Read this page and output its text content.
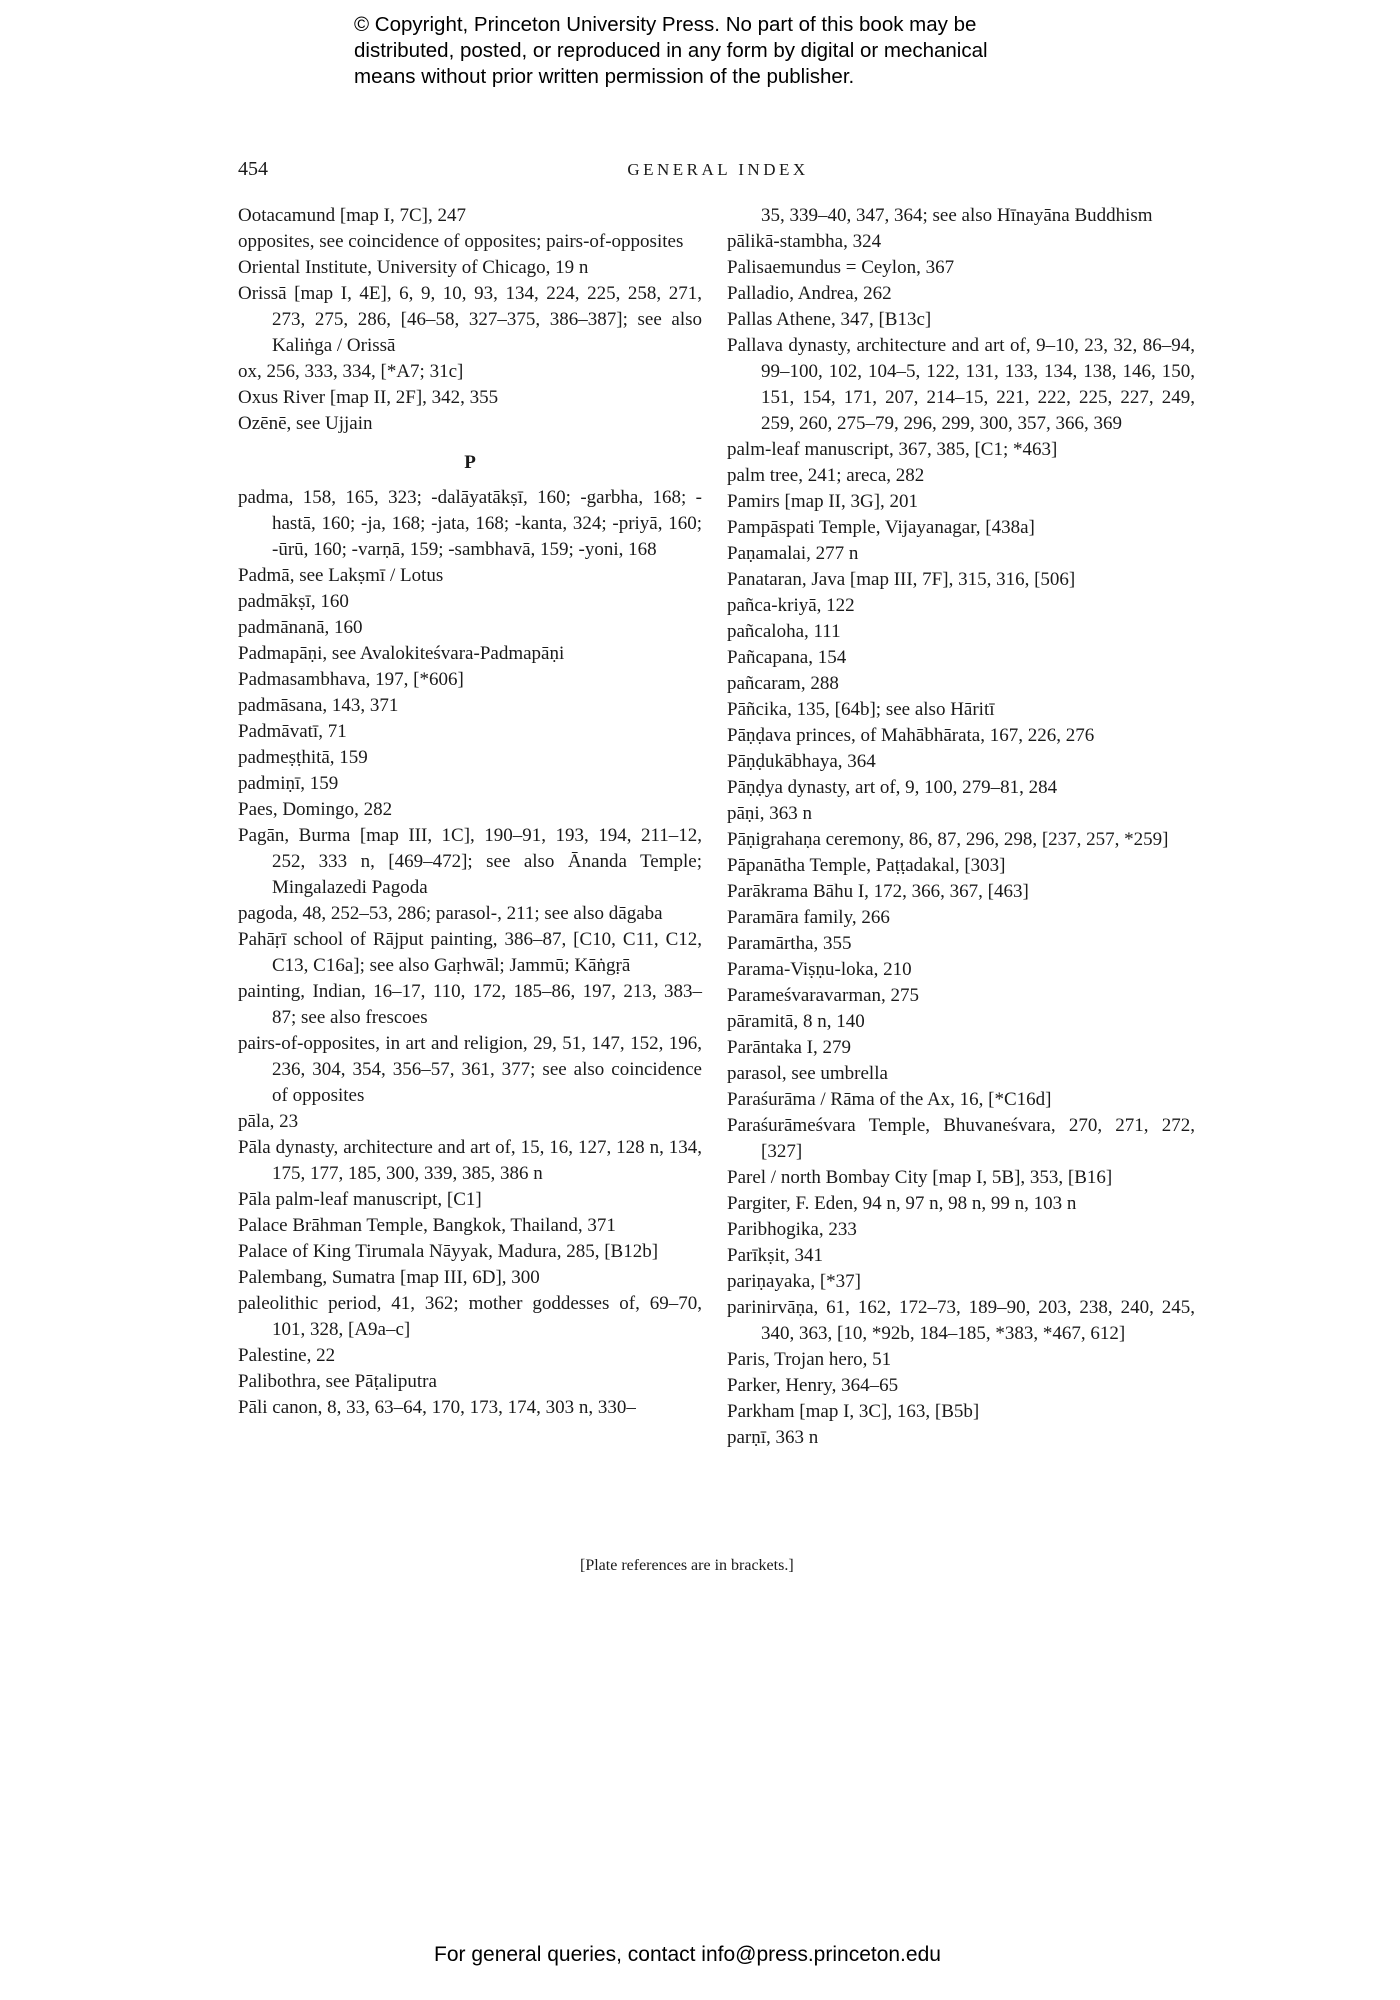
© Copyright, Princeton University Press. No part of this book may be
distributed, posted, or reproduced in any form by digital or mechanical
means without prior written permission of the publisher.
454	GENERAL INDEX
Ootacamund [map I, 7C], 247
opposites, see coincidence of opposites; pairs-of-opposites
Oriental Institute, University of Chicago, 19 n
Orissā [map I, 4E], 6, 9, 10, 93, 134, 224, 225, 258, 271, 273, 275, 286, [46–58, 327–375, 386–387]; see also Kaliṅga / Orissā
ox, 256, 333, 334, [*A7; 31c]
Oxus River [map II, 2F], 342, 355
Ozēnē, see Ujjain
P
padma, 158, 165, 323; -dalāyatākṣī, 160; -garbha, 168; -hastā, 160; -ja, 168; -jata, 168; -kanta, 324; -priyā, 160; -ūrū, 160; -varṇā, 159; -sambhavā, 159; -yoni, 168
Padmā, see Lakṣmī / Lotus
padmākṣī, 160
padmānanā, 160
Padmapāṇi, see Avalokiteśvara-Padmapāṇi
Padmasambhava, 197, [*606]
padmāsana, 143, 371
Padmāvatī, 71
padmeṣṭhitā, 159
padmiṇī, 159
Paes, Domingo, 282
Pagān, Burma [map III, 1C], 190–91, 193, 194, 211–12, 252, 333 n, [469–472]; see also Ānanda Temple; Mingalazedi Pagoda
pagoda, 48, 252–53, 286; parasol-, 211; see also dāgaba
Pahāṛī school of Rājput painting, 386–87, [C10, C11, C12, C13, C16a]; see also Gaṛhwāl; Jammū; Kāṅgṛā
painting, Indian, 16–17, 110, 172, 185–86, 197, 213, 383–87; see also frescoes
pairs-of-opposites, in art and religion, 29, 51, 147, 152, 196, 236, 304, 354, 356–57, 361, 377; see also coincidence of opposites
pāla, 23
Pāla dynasty, architecture and art of, 15, 16, 127, 128 n, 134, 175, 177, 185, 300, 339, 385, 386 n
Pāla palm-leaf manuscript, [C1]
Palace Brāhman Temple, Bangkok, Thailand, 371
Palace of King Tirumala Nāyyak, Madura, 285, [B12b]
Palembang, Sumatra [map III, 6D], 300
paleolithic period, 41, 362; mother goddesses of, 69–70, 101, 328, [A9a–c]
Palestine, 22
Palibothra, see Pāṭaliputra
Pāli canon, 8, 33, 63–64, 170, 173, 174, 303 n, 330–
35, 339–40, 347, 364; see also Hīnayāna Buddhism
pālikā-stambha, 324
Palisaemundus = Ceylon, 367
Palladio, Andrea, 262
Pallas Athene, 347, [B13c]
Pallava dynasty, architecture and art of, 9–10, 23, 32, 86–94, 99–100, 102, 104–5, 122, 131, 133, 134, 138, 146, 150, 151, 154, 171, 207, 214–15, 221, 222, 225, 227, 249, 259, 260, 275–79, 296, 299, 300, 357, 366, 369
palm-leaf manuscript, 367, 385, [C1; *463]
palm tree, 241; areca, 282
Pamirs [map II, 3G], 201
Pampāspati Temple, Vijayanagar, [438a]
Paṇamalai, 277 n
Panataran, Java [map III, 7F], 315, 316, [506]
pañca-kriyā, 122
pañcaloha, 111
Pañcapana, 154
pañcaram, 288
Pāñcika, 135, [64b]; see also Hāritī
Pāṇḍava princes, of Mahābhārata, 167, 226, 276
Pāṇḍukābhaya, 364
Pāṇḍya dynasty, art of, 9, 100, 279–81, 284
pāṇi, 363 n
Pāṇigrahaṇa ceremony, 86, 87, 296, 298, [237, 257, *259]
Pāpanātha Temple, Paṭṭadakal, [303]
Parākrama Bāhu I, 172, 366, 367, [463]
Paramāra family, 266
Paramārtha, 355
Parama-Viṣṇu-loka, 210
Parameśvaravarman, 275
pāramitā, 8 n, 140
Parāntaka I, 279
parasol, see umbrella
Paraśurāma / Rāma of the Ax, 16, [*C16d]
Paraśurāmeśvara Temple, Bhuvaneśvara, 270, 271, 272, [327]
Parel / north Bombay City [map I, 5B], 353, [B16]
Pargiter, F. Eden, 94 n, 97 n, 98 n, 99 n, 103 n
Paribhogika, 233
Parīkṣit, 341
pariṇayaka, [*37]
parinirvāṇa, 61, 162, 172–73, 189–90, 203, 238, 240, 245, 340, 363, [10, *92b, 184–185, *383, *467, 612]
Paris, Trojan hero, 51
Parker, Henry, 364–65
Parkham [map I, 3C], 163, [B5b]
parṇī, 363 n
[Plate references are in brackets.]
For general queries, contact info@press.princeton.edu
